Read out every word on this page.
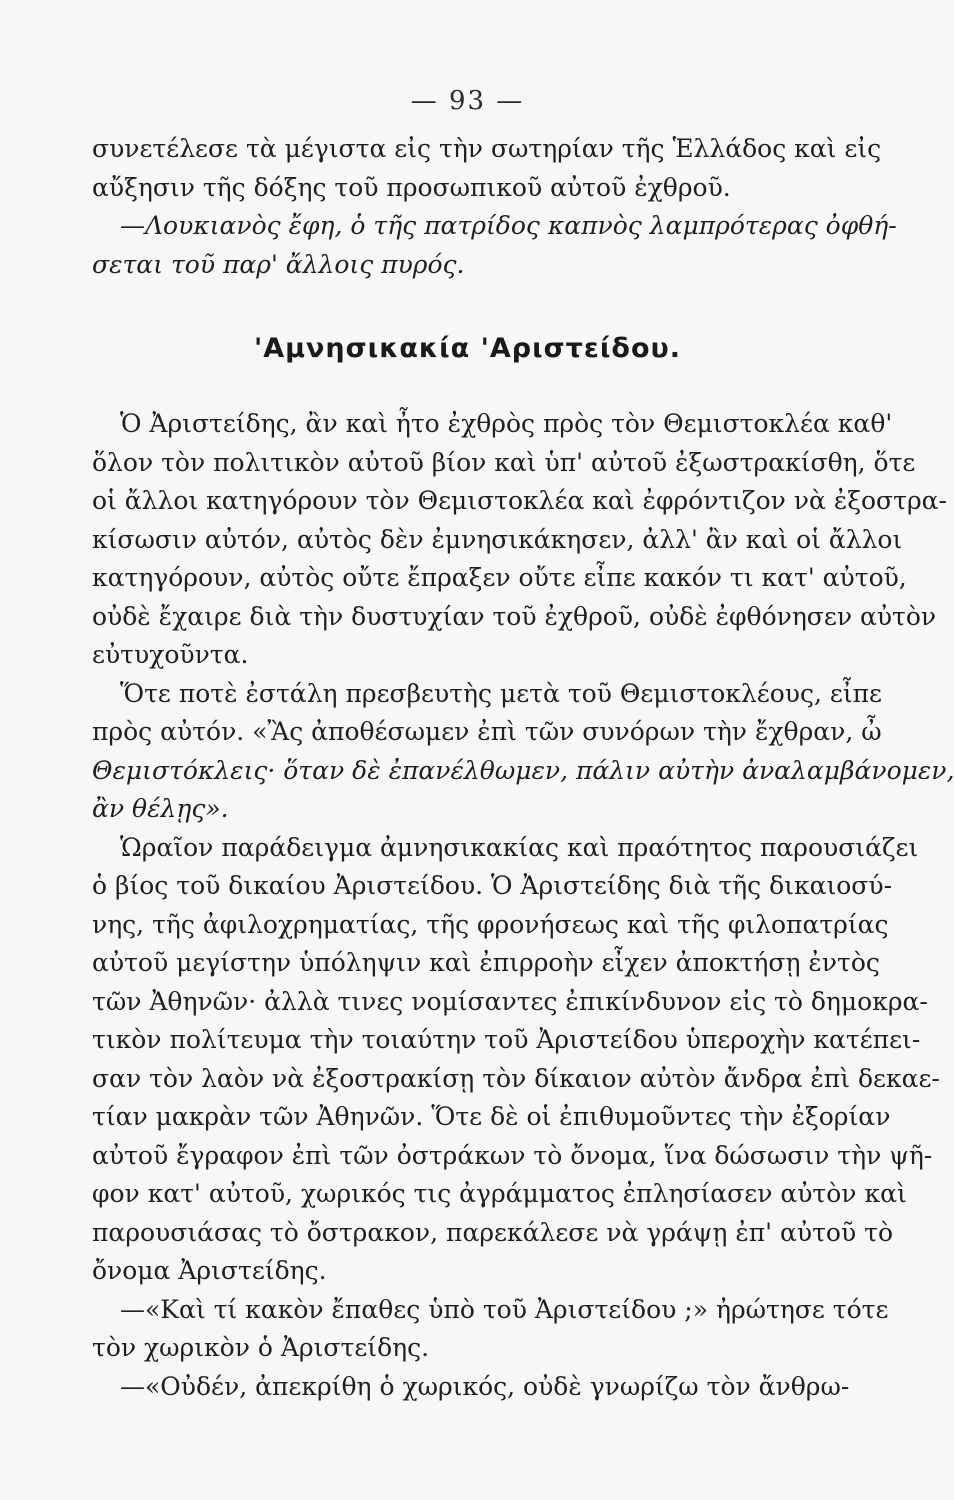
— 93 —
συνετέλεσε τὰ μέγιστα εἰς τὴν σωτηρίαν τῆς Ἑλλάδος καὶ εἰς
αὔξησιν τῆς δόξης τοῦ προσωπικοῦ αὐτοῦ ἐχθροῦ.
—Λουκιανὸς ἔφη, ὁ τῆς πατρίδος καπνὸς λαμπρότερας ὀφθή-
σεται τοῦ παρ' ἄλλοις πυρός.
'Αμνησικακία 'Αριστείδου.
Ὁ Ἀριστείδης, ἂν καὶ ἦτο ἐχθρὸς πρὸς τὸν Θεμιστοκλέα καθ'
ὅλον τὸν πολιτικὸν αὐτοῦ βίον καὶ ὑπ' αὐτοῦ ἐξωστρακίσθη, ὅτε
οἱ ἄλλοι κατηγόρουν τὸν Θεμιστοκλέα καὶ ἐφρόντιζον νὰ ἐξοστρα-
κίσωσιν αὐτόν, αὐτὸς δὲν ἐμνησικάκησεν, ἀλλ' ἂν καὶ οἱ ἄλλοι
κατηγόρουν, αὐτὸς οὔτε ἔπραξεν οὔτε εἶπε κακόν τι κατ' αὐτοῦ,
οὐδὲ ἔχαιρε διὰ τὴν δυστυχίαν τοῦ ἐχθροῦ, οὐδὲ ἐφθόνησεν αὐτὸν
εὐτυχοῦντα.
Ὅτε ποτὲ ἐστάλη πρεσβευτὴς μετὰ τοῦ Θεμιστοκλέους, εἶπε
πρὸς αὐτόν. «Ἂς ἀποθέσωμεν ἐπὶ τῶν συνόρων τὴν ἔχθραν, ὦ
Θεμιστόκλεις· ὅταν δὲ ἐπανέλθωμεν, πάλιν αὐτὴν ἀναλαμβάνομεν,
ἂν θέλῃς».
Ὡραῖον παράδειγμα ἀμνησικακίας καὶ πραότητος παρουσιάζει
ὁ βίος τοῦ δικαίου Ἀριστείδου. Ὁ Ἀριστείδης διὰ τῆς δικαιοσύ-
νης, τῆς ἀφιλοχρηματίας, τῆς φρονήσεως καὶ τῆς φιλοπατρίας
αὐτοῦ μεγίστην ὑπόληψιν καὶ ἐπιρροὴν εἶχεν ἀποκτήσῃ ἐντὸς
τῶν Ἀθηνῶν· ἀλλὰ τινες νομίσαντες ἐπικίνδυνον εἰς τὸ δημοκρα-
τικὸν πολίτευμα τὴν τοιαύτην τοῦ Ἀριστείδου ὑπεροχὴν κατέπει-
σαν τὸν λαὸν νὰ ἐξοστρακίσῃ τὸν δίκαιον αὐτὸν ἄνδρα ἐπὶ δεκαε-
τίαν μακρὰν τῶν Ἀθηνῶν. Ὅτε δὲ οἱ ἐπιθυμοῦντες τὴν ἐξορίαν
αὐτοῦ ἔγραφον ἐπὶ τῶν ὀστράκων τὸ ὄνομα, ἵνα δώσωσιν τὴν ψῆ-
φον κατ' αὐτοῦ, χωρικός τις ἀγράμματος ἐπλησίασεν αὐτὸν καὶ
παρουσιάσας τὸ ὄστρακον, παρεκάλεσε νὰ γράψῃ ἐπ' αὐτοῦ τὸ
ὄνομα Ἀριστείδης.
—«Καὶ τί κακὸν ἔπαθες ὑπὸ τοῦ Ἀριστείδου ;» ἠρώτησε τότε
τὸν χωρικὸν ὁ Ἀριστείδης.
—«Οὐδέν, ἀπεκρίθη ὁ χωρικός, οὐδὲ γνωρίζω τὸν ἄνθρω-
